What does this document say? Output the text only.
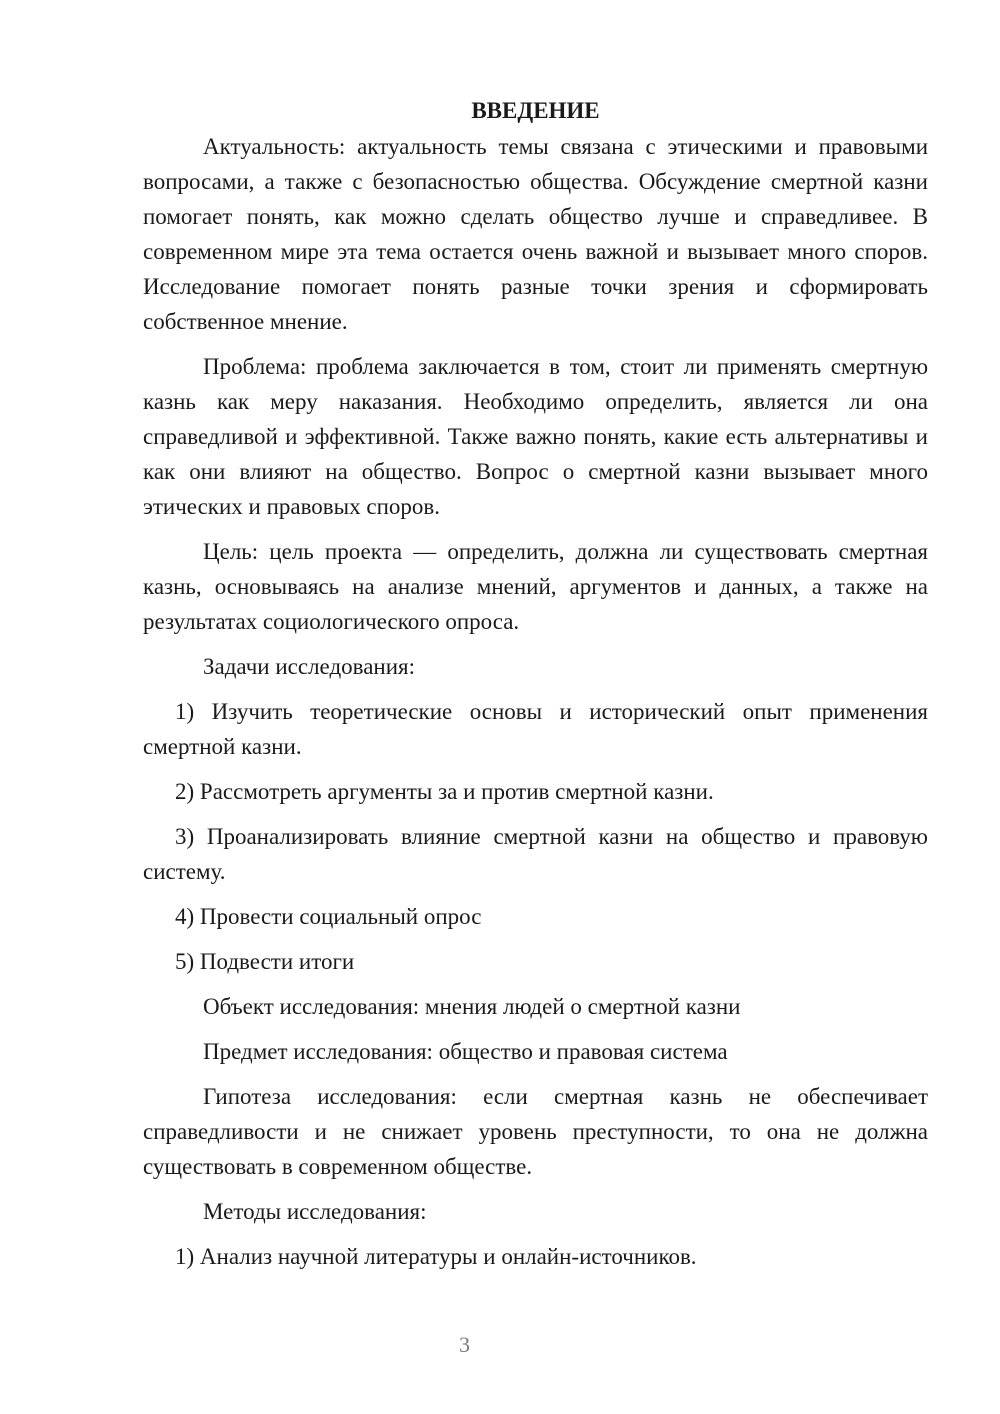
ВВЕДЕНИЕ

Актуальность: актуальность темы связана с этическими и правовыми вопросами, а также с безопасностью общества. Обсуждение смертной казни помогает понять, как можно сделать общество лучше и справедливее. В современном мире эта тема остается очень важной и вызывает много споров. Исследование помогает понять разные точки зрения и сформировать собственное мнение.

Проблема: проблема заключается в том, стоит ли применять смертную казнь как меру наказания. Необходимо определить, является ли она справедливой и эффективной. Также важно понять, какие есть альтернативы и как они влияют на общество. Вопрос о смертной казни вызывает много этических и правовых споров.

Цель: цель проекта — определить, должна ли существовать смертная казнь, основываясь на анализе мнений, аргументов и данных, а также на результатах социологического опроса.

Задачи исследования:

1) Изучить теоретические основы и исторический опыт применения смертной казни.

2) Рассмотреть аргументы за и против смертной казни.

3) Проанализировать влияние смертной казни на общество и правовую систему.

4) Провести социальный опрос

5) Подвести итоги

Объект исследования: мнения людей о смертной казни

Предмет исследования: общество и правовая система

Гипотеза исследования: если смертная казнь не обеспечивает справедливости и не снижает уровень преступности, то она не должна существовать в современном обществе.

Методы исследования:

1) Анализ научной литературы и онлайн-источников.

3
